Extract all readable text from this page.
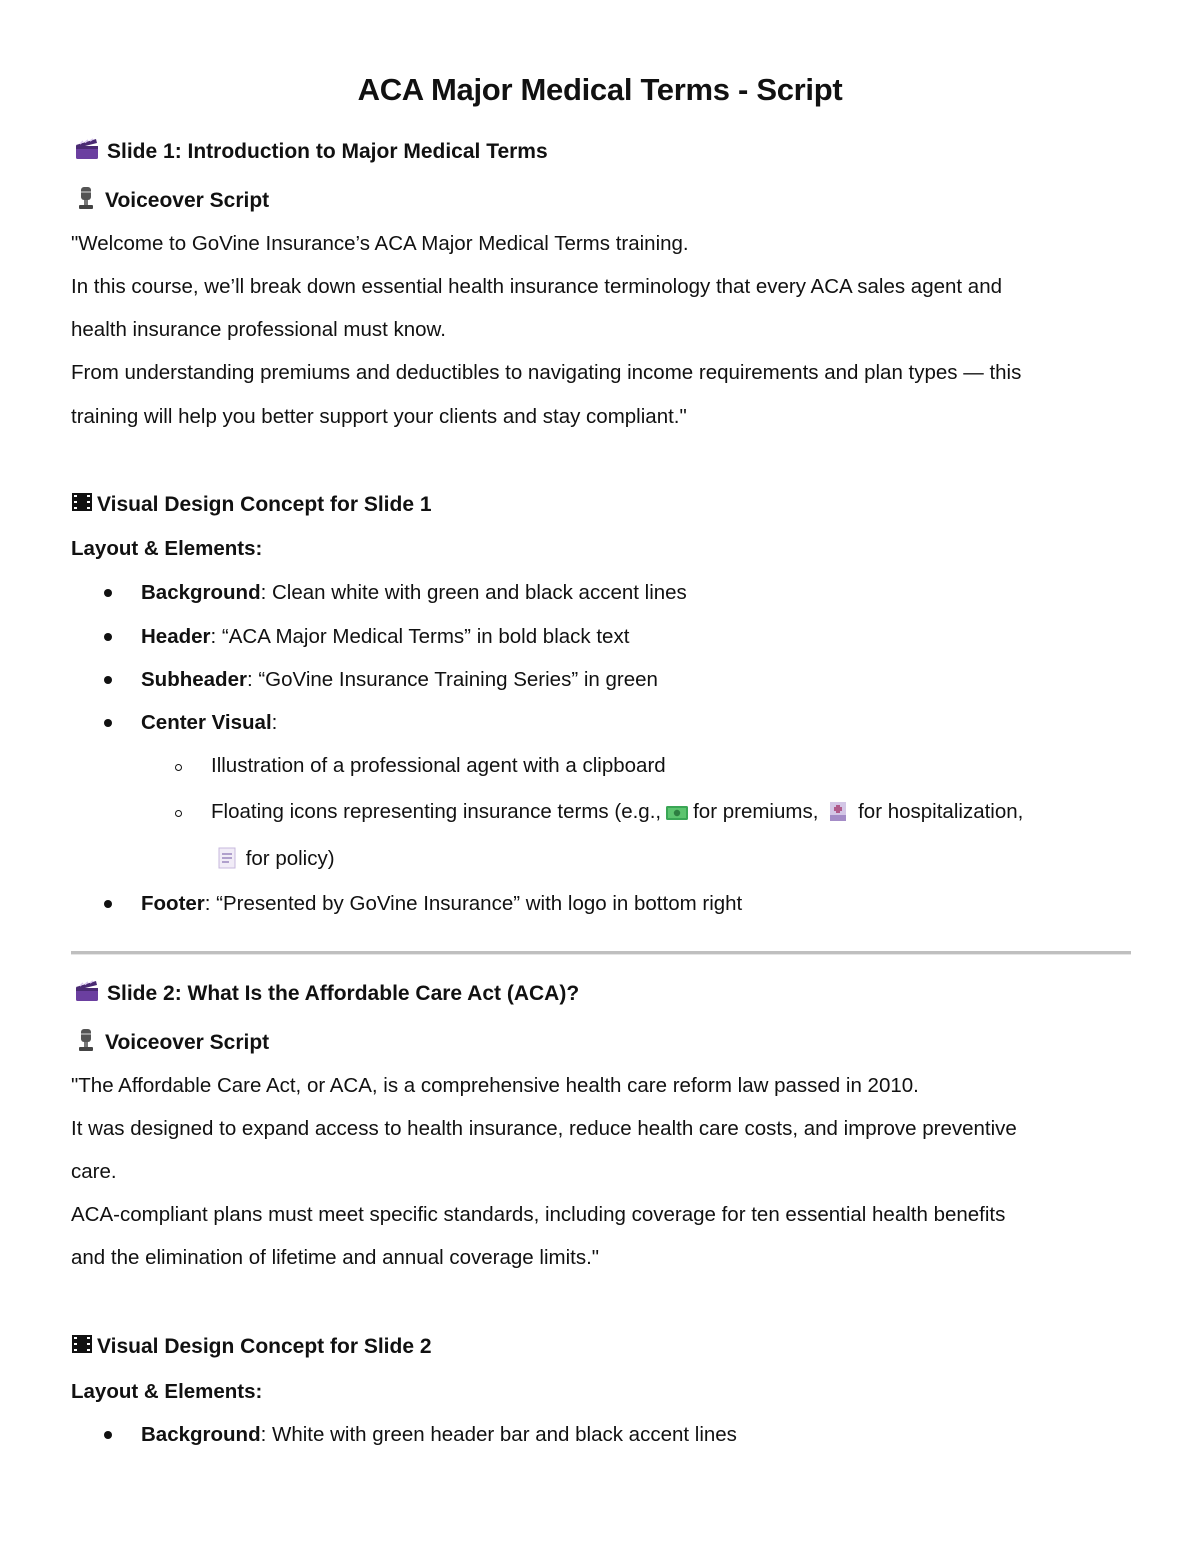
ACA Major Medical Terms - Script
Slide 1: Introduction to Major Medical Terms
Voiceover Script
"Welcome to GoVine Insurance’s ACA Major Medical Terms training.
In this course, we’ll break down essential health insurance terminology that every ACA sales agent and
health insurance professional must know.
From understanding premiums and deductibles to navigating income requirements and plan types — this
training will help you better support your clients and stay compliant."
Visual Design Concept for Slide 1
Layout & Elements:
Background: Clean white with green and black accent lines
Header: “ACA Major Medical Terms” in bold black text
Subheader: “GoVine Insurance Training Series” in green
Center Visual:
Illustration of a professional agent with a clipboard
Floating icons representing insurance terms (e.g., for premiums, for hospitalization,
for policy)
Footer: “Presented by GoVine Insurance” with logo in bottom right
Slide 2: What Is the Affordable Care Act (ACA)?
Voiceover Script
"The Affordable Care Act, or ACA, is a comprehensive health care reform law passed in 2010.
It was designed to expand access to health insurance, reduce health care costs, and improve preventive
care.
ACA-compliant plans must meet specific standards, including coverage for ten essential health benefits
and the elimination of lifetime and annual coverage limits."
Visual Design Concept for Slide 2
Layout & Elements:
Background: White with green header bar and black accent lines
